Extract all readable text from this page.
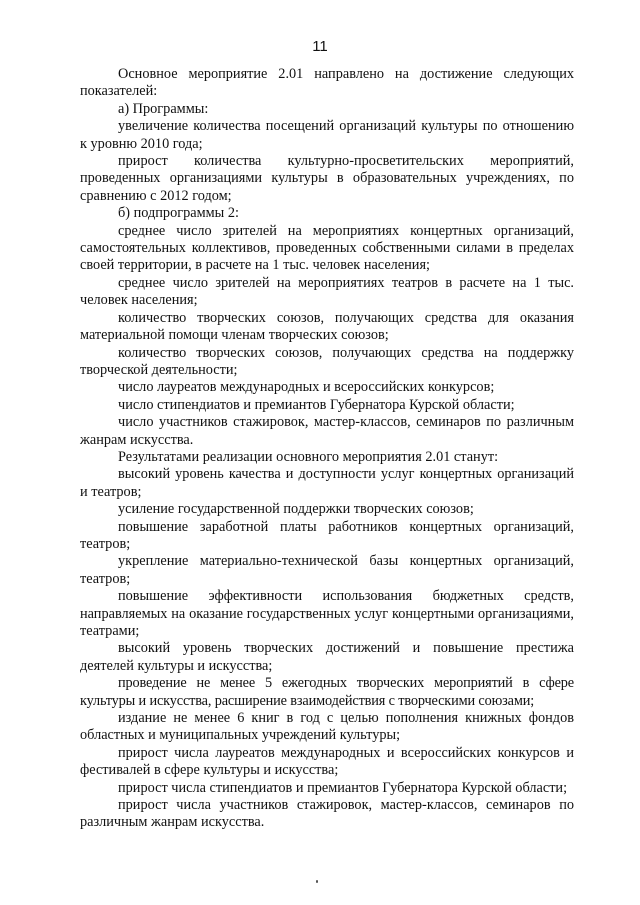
11

Основное мероприятие 2.01 направлено на достижение следующих показателей:

а) Программы:

увеличение количества посещений организаций культуры по отношению к уровню 2010 года;

прирост количества культурно-просветительских мероприятий, проведенных организациями культуры в образовательных учреждениях, по сравнению с 2012 годом;

б) подпрограммы 2:

среднее число зрителей на мероприятиях концертных организаций, самостоятельных коллективов, проведенных собственными силами в пределах своей территории, в расчете на 1 тыс. человек населения;

среднее число зрителей на мероприятиях театров в расчете на 1 тыс. человек населения;

количество творческих союзов, получающих средства для оказания материальной помощи членам творческих союзов;

количество творческих союзов, получающих средства на поддержку творческой деятельности;

число лауреатов международных и всероссийских конкурсов;

число стипендиатов и премиантов Губернатора Курской области;

число участников стажировок, мастер-классов, семинаров по различным жанрам искусства.

Результатами реализации основного мероприятия 2.01 станут:

высокий уровень качества и доступности услуг концертных организаций и театров;

усиление государственной поддержки творческих союзов;

повышение заработной платы работников концертных организаций, театров;

укрепление материально-технической базы концертных организаций, театров;

повышение эффективности использования бюджетных средств, направляемых на оказание государственных услуг концертными организациями, театрами;

высокий уровень творческих достижений и повышение престижа деятелей культуры и искусства;

проведение не менее 5 ежегодных творческих мероприятий в сфере культуры и искусства, расширение взаимодействия с творческими союзами;

издание не менее 6 книг в год с целью пополнения книжных фондов областных и муниципальных учреждений культуры;

прирост числа лауреатов международных и всероссийских конкурсов и фестивалей в сфере культуры и искусства;

прирост числа стипендиатов и премиантов Губернатора Курской области;

прирост числа участников стажировок, мастер-классов, семинаров по различным жанрам искусства.
